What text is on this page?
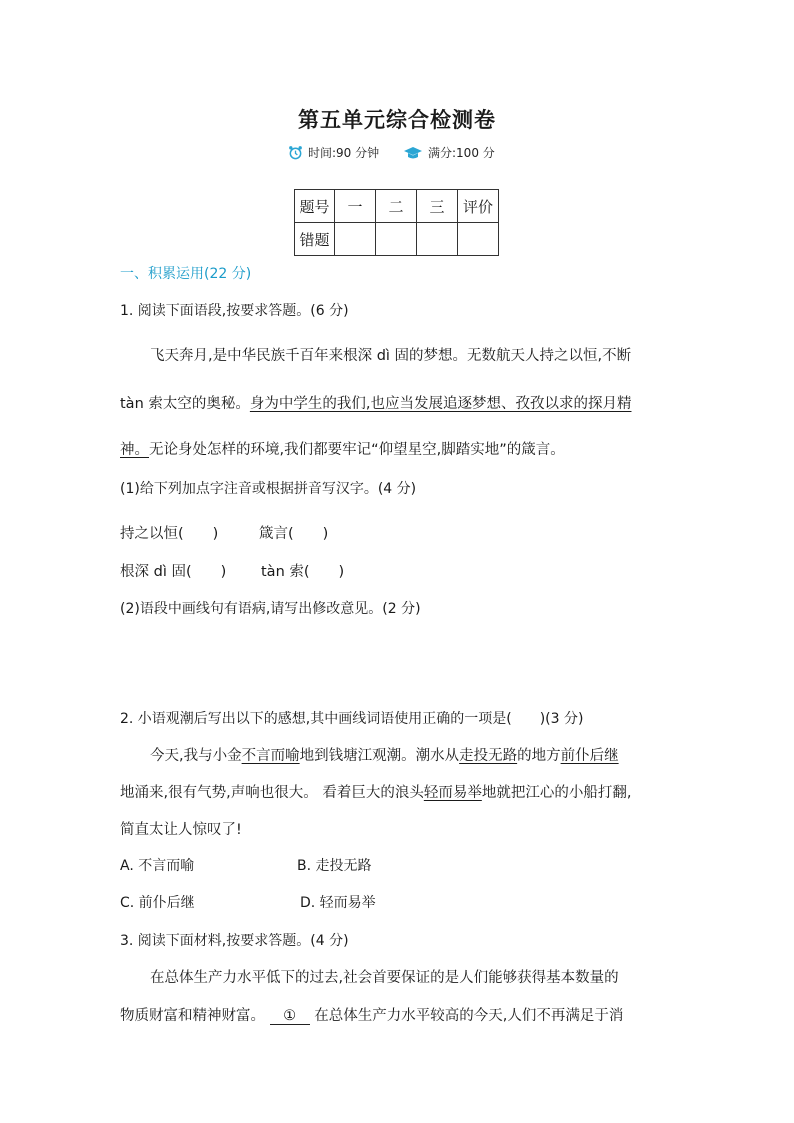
第五单元综合检测卷
时间:90 分钟	满分:100 分
题号	一	二	三	评价
错题				
一、积累运用(22 分)
1. 阅读下面语段,按要求答题。(6 分)
飞天奔月,是中华民族千百年来根深 dì 固的梦想。无数航天人持之以恒,不断
tàn 索太空的奥秘。身为中学生的我们,也应当发展追逐梦想、孜孜以求的探月精
神。无论身处怎样的环境,我们都要牢记“仰望星空,脚踏实地”的箴言。
(1)给下列加点字注音或根据拼音写汉字。(4 分)
持之以恒(　　)	箴言(　　)
根深 dì 固(　　) tàn 索(　　)
(2)语段中画线句有语病,请写出修改意见。(2 分)
2. 小语观潮后写出以下的感想,其中画线词语使用正确的一项是(　　)(3 分)
今天,我与小金不言而喻地到钱塘江观潮。潮水从走投无路的地方前仆后继
地涌来,很有气势,声响也很大。 看着巨大的浪头轻而易举地就把江心的小船打翻,
简直太让人惊叹了!
A. 不言而喻	B. 走投无路
C. 前仆后继	D. 轻而易举
3. 阅读下面材料,按要求答题。(4 分)
在总体生产力水平低下的过去,社会首要保证的是人们能够获得基本数量的
物质财富和精神财富。 ① 在总体生产力水平较高的今天,人们不再满足于消
